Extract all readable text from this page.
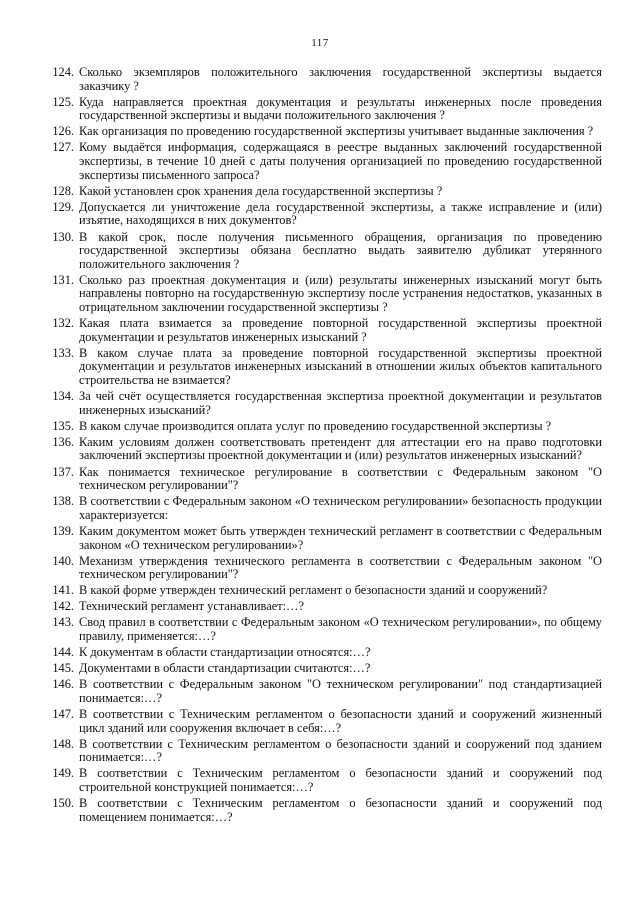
117
124. Сколько экземпляров положительного заключения государственной экспертизы выдается заказчику ?
125. Куда направляется проектная документация и результаты инженерных после проведения государственной экспертизы и выдачи положительного заключения ?
126. Как организация по проведению государственной экспертизы учитывает выданные заключения ?
127. Кому выдаётся информация, содержащаяся в реестре выданных заключений государственной экспертизы, в течение 10 дней с даты получения организацией по проведению государственной экспертизы письменного запроса?
128. Какой установлен срок хранения дела государственной экспертизы ?
129. Допускается ли уничтожение дела государственной экспертизы, а также исправление и (или) изъятие, находящихся в них документов?
130. В какой срок, после получения письменного обращения, организация по проведению государственной экспертизы обязана бесплатно выдать заявителю дубликат утерянного положительного заключения ?
131. Сколько раз проектная документация и (или) результаты инженерных изысканий могут быть направлены повторно на государственную экспертизу после устранения недостатков, указанных в отрицательном заключении государственной экспертизы ?
132. Какая плата взимается за проведение повторной государственной экспертизы проектной документации и результатов инженерных изысканий ?
133. В каком случае плата за проведение повторной государственной экспертизы проектной документации и результатов инженерных изысканий в отношении жилых объектов капитального строительства не взимается?
134. За чей счёт осуществляется государственная экспертиза проектной документации и результатов инженерных изысканий?
135. В каком случае производится оплата услуг по проведению государственной экспертизы ?
136. Каким условиям должен соответствовать претендент для аттестации его на право подготовки заключений экспертизы проектной документации и (или) результатов инженерных изысканий?
137. Как понимается техническое регулирование в соответствии с Федеральным законом "О техническом регулировании"?
138. В соответствии с Федеральным законом «О техническом регулировании» безопасность продукции характеризуется:
139. Каким документом может быть утвержден технический регламент в соответствии с Федеральным законом «О техническом регулировании»?
140. Механизм утверждения технического регламента в соответствии с Федеральным законом "О техническом регулировании"?
141. В какой форме утвержден технический регламент о безопасности зданий и сооружений?
142. Технический регламент устанавливает:…?
143. Свод правил в соответствии с Федеральным законом «О техническом регулировании», по общему правилу, применяется:…?
144. К документам в области стандартизации относятся:…?
145. Документами в области стандартизации считаются:…?
146. В соответствии с Федеральным законом "О техническом регулировании" под стандартизацией понимается:…?
147. В соответствии с Техническим регламентом о безопасности зданий и сооружений жизненный цикл зданий или сооружения включает в себя:…?
148. В соответствии с Техническим регламентом о безопасности зданий и сооружений под зданием понимается:…?
149. В соответствии с Техническим регламентом о безопасности зданий и сооружений под строительной конструкцией понимается:…?
150. В соответствии с Техническим регламентом о безопасности зданий и сооружений под помещением понимается:…?
